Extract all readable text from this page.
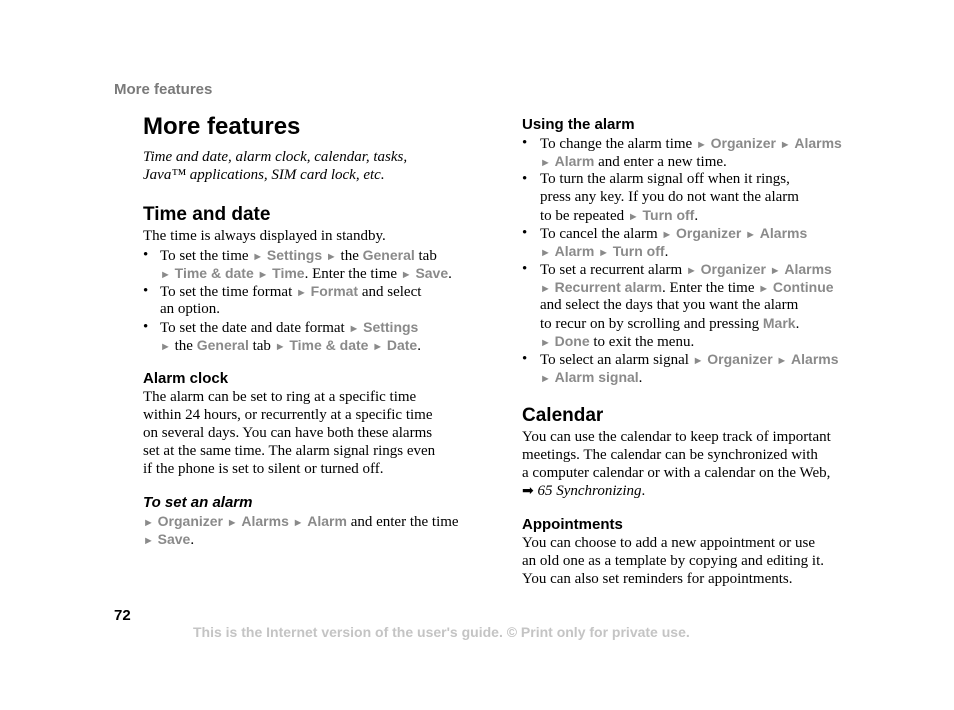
More features
More features
Time and date, alarm clock, calendar, tasks,
Java™ applications, SIM card lock, etc.
Time and date
The time is always displayed in standby.
• To set the time ► Settings ► the General tab
► Time & date ► Time. Enter the time ► Save.
• To set the time format ► Format and select
an option.
• To set the date and date format ► Settings
► the General tab ► Time & date ► Date.
Alarm clock
The alarm can be set to ring at a specific time
within 24 hours, or recurrently at a specific time
on several days. You can have both these alarms
set at the same time. The alarm signal rings even
if the phone is set to silent or turned off.
To set an alarm
► Organizer ► Alarms ► Alarm and enter the time
► Save.
Using the alarm
• To change the alarm time ► Organizer ► Alarms
► Alarm and enter a new time.
• To turn the alarm signal off when it rings,
press any key. If you do not want the alarm
to be repeated ► Turn off.
• To cancel the alarm ► Organizer ► Alarms
► Alarm ► Turn off.
• To set a recurrent alarm ► Organizer ► Alarms
► Recurrent alarm. Enter the time ► Continue
and select the days that you want the alarm
to recur on by scrolling and pressing Mark.
► Done to exit the menu.
• To select an alarm signal ► Organizer ► Alarms
► Alarm signal.
Calendar
You can use the calendar to keep track of important
meetings. The calendar can be synchronized with
a computer calendar or with a calendar on the Web,
➡ 65 Synchronizing.
Appointments
You can choose to add a new appointment or use
an old one as a template by copying and editing it.
You can also set reminders for appointments.
72
This is the Internet version of the user's guide. © Print only for private use.
